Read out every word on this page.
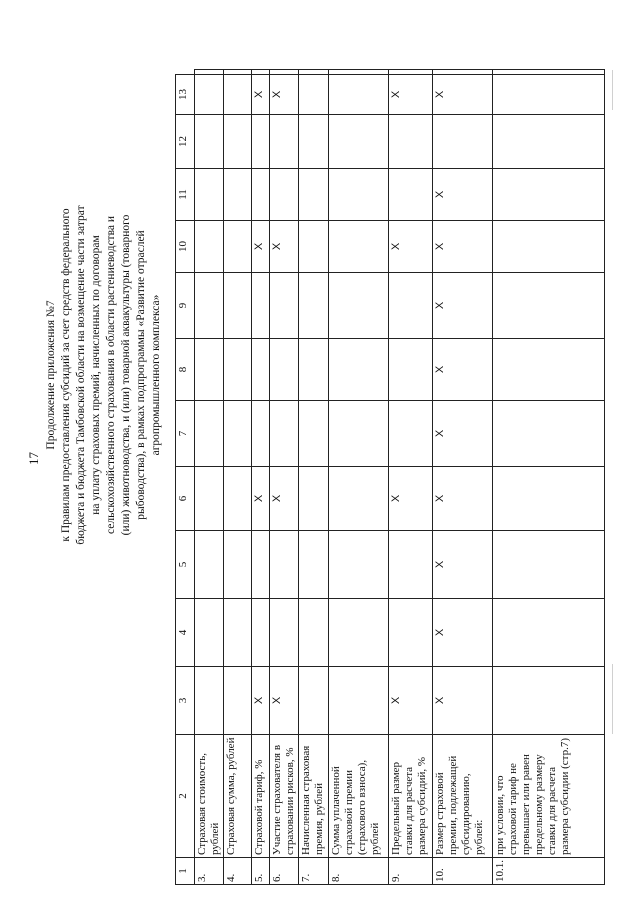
17
Продолжение приложения №7 к Правилам предоставления субсидий за счет средств федерального бюджета и бюджета Тамбовской области на возмещение части затрат на уплату страховых премий, начисленных по договорам сельскохозяйственного страхования в области растениеводства и (или) животноводства, и (или) товарной аквакультуры (товарного рыбоводства), в рамках подпрограммы «Развитие отраслей агропромышленного комплекса»
1	2	3	4	5	6	7	8	9	10	11	12	13	
3.	Страховая стоимость, рублей												
4.	Страховая сумма, рублей												
5.	Страховой тариф, %	X			X				X			X	
6.	Участие страхователя в страховании рисков, %	X			X				X			X	
7.	Начисленная страховая премия, рублей												
8.	Сумма уплаченной страховой премии (страхового взноса), рублей												
9.	Предельный размер ставки для расчета размера субсидий, %	X			X				X			X	
10.	Размер страховой премии, подлежащей субсидированию, рублей:	X	X	X	X	X	X	X	X	X		X	
10.1.	при условии, что страховой тариф не превышает или равен предельному размеру ставки для расчета размера субсидии (стр.7)												
